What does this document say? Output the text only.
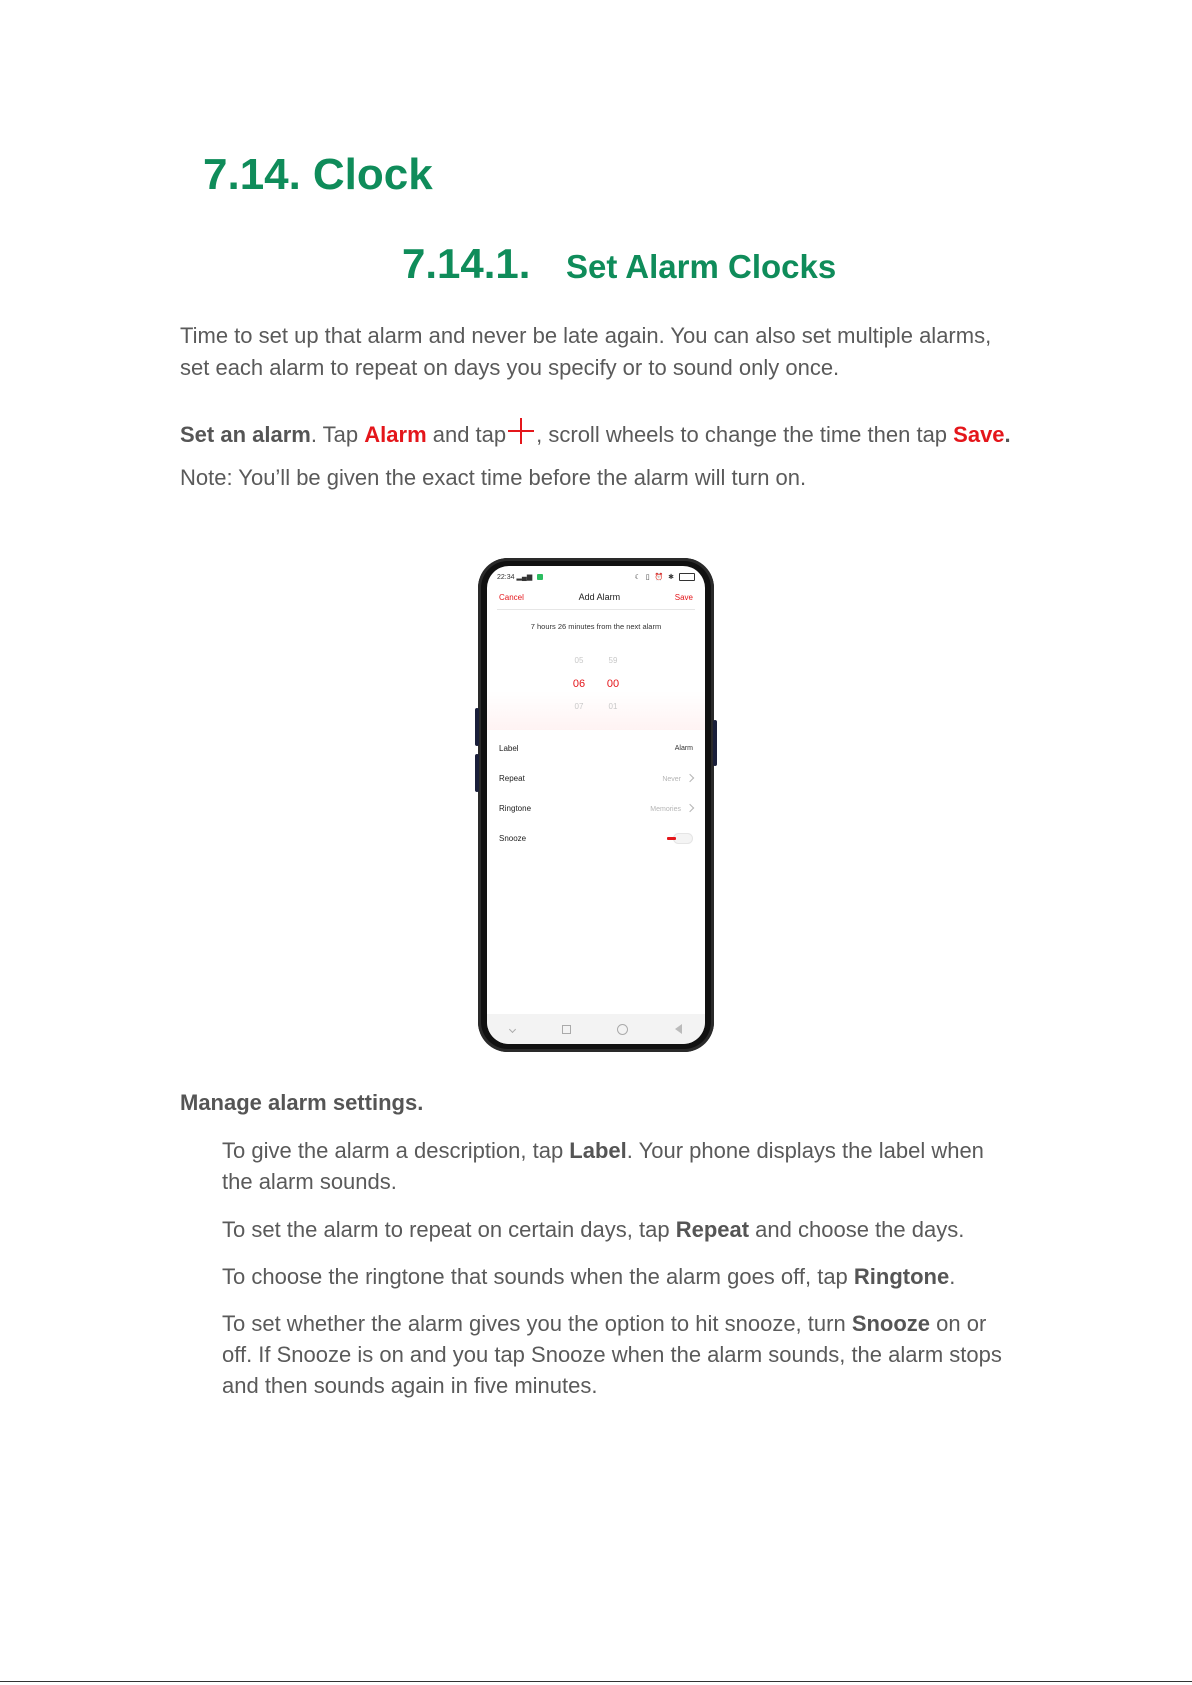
7.14. Clock
7.14.1. Set Alarm Clocks

Time to set up that alarm and never be late again. You can also set multiple alarms,
set each alarm to repeat on days you specify or to sound only once.

Set an alarm. Tap Alarm and tap , scroll wheels to change the time then tap Save.

Note: You’ll be given the exact time before the alarm will turn on.

22:34 ▂▄▆	☾ ▯ ⏰ ✱
Cancel	Add Alarm	Save
7 hours 26 minutes from the next alarm
05	59
06 00
07	01
Label	Alarm
Repeat	Never
Ringtone	Memories
Snooze
Manage alarm settings.

To give the alarm a description, tap Label. Your phone displays the label when
the alarm sounds.

To set the alarm to repeat on certain days, tap Repeat and choose the days.

To choose the ringtone that sounds when the alarm goes off, tap Ringtone.

To set whether the alarm gives you the option to hit snooze, turn Snooze on or
off. If Snooze is on and you tap Snooze when the alarm sounds, the alarm stops
and then sounds again in five minutes.
